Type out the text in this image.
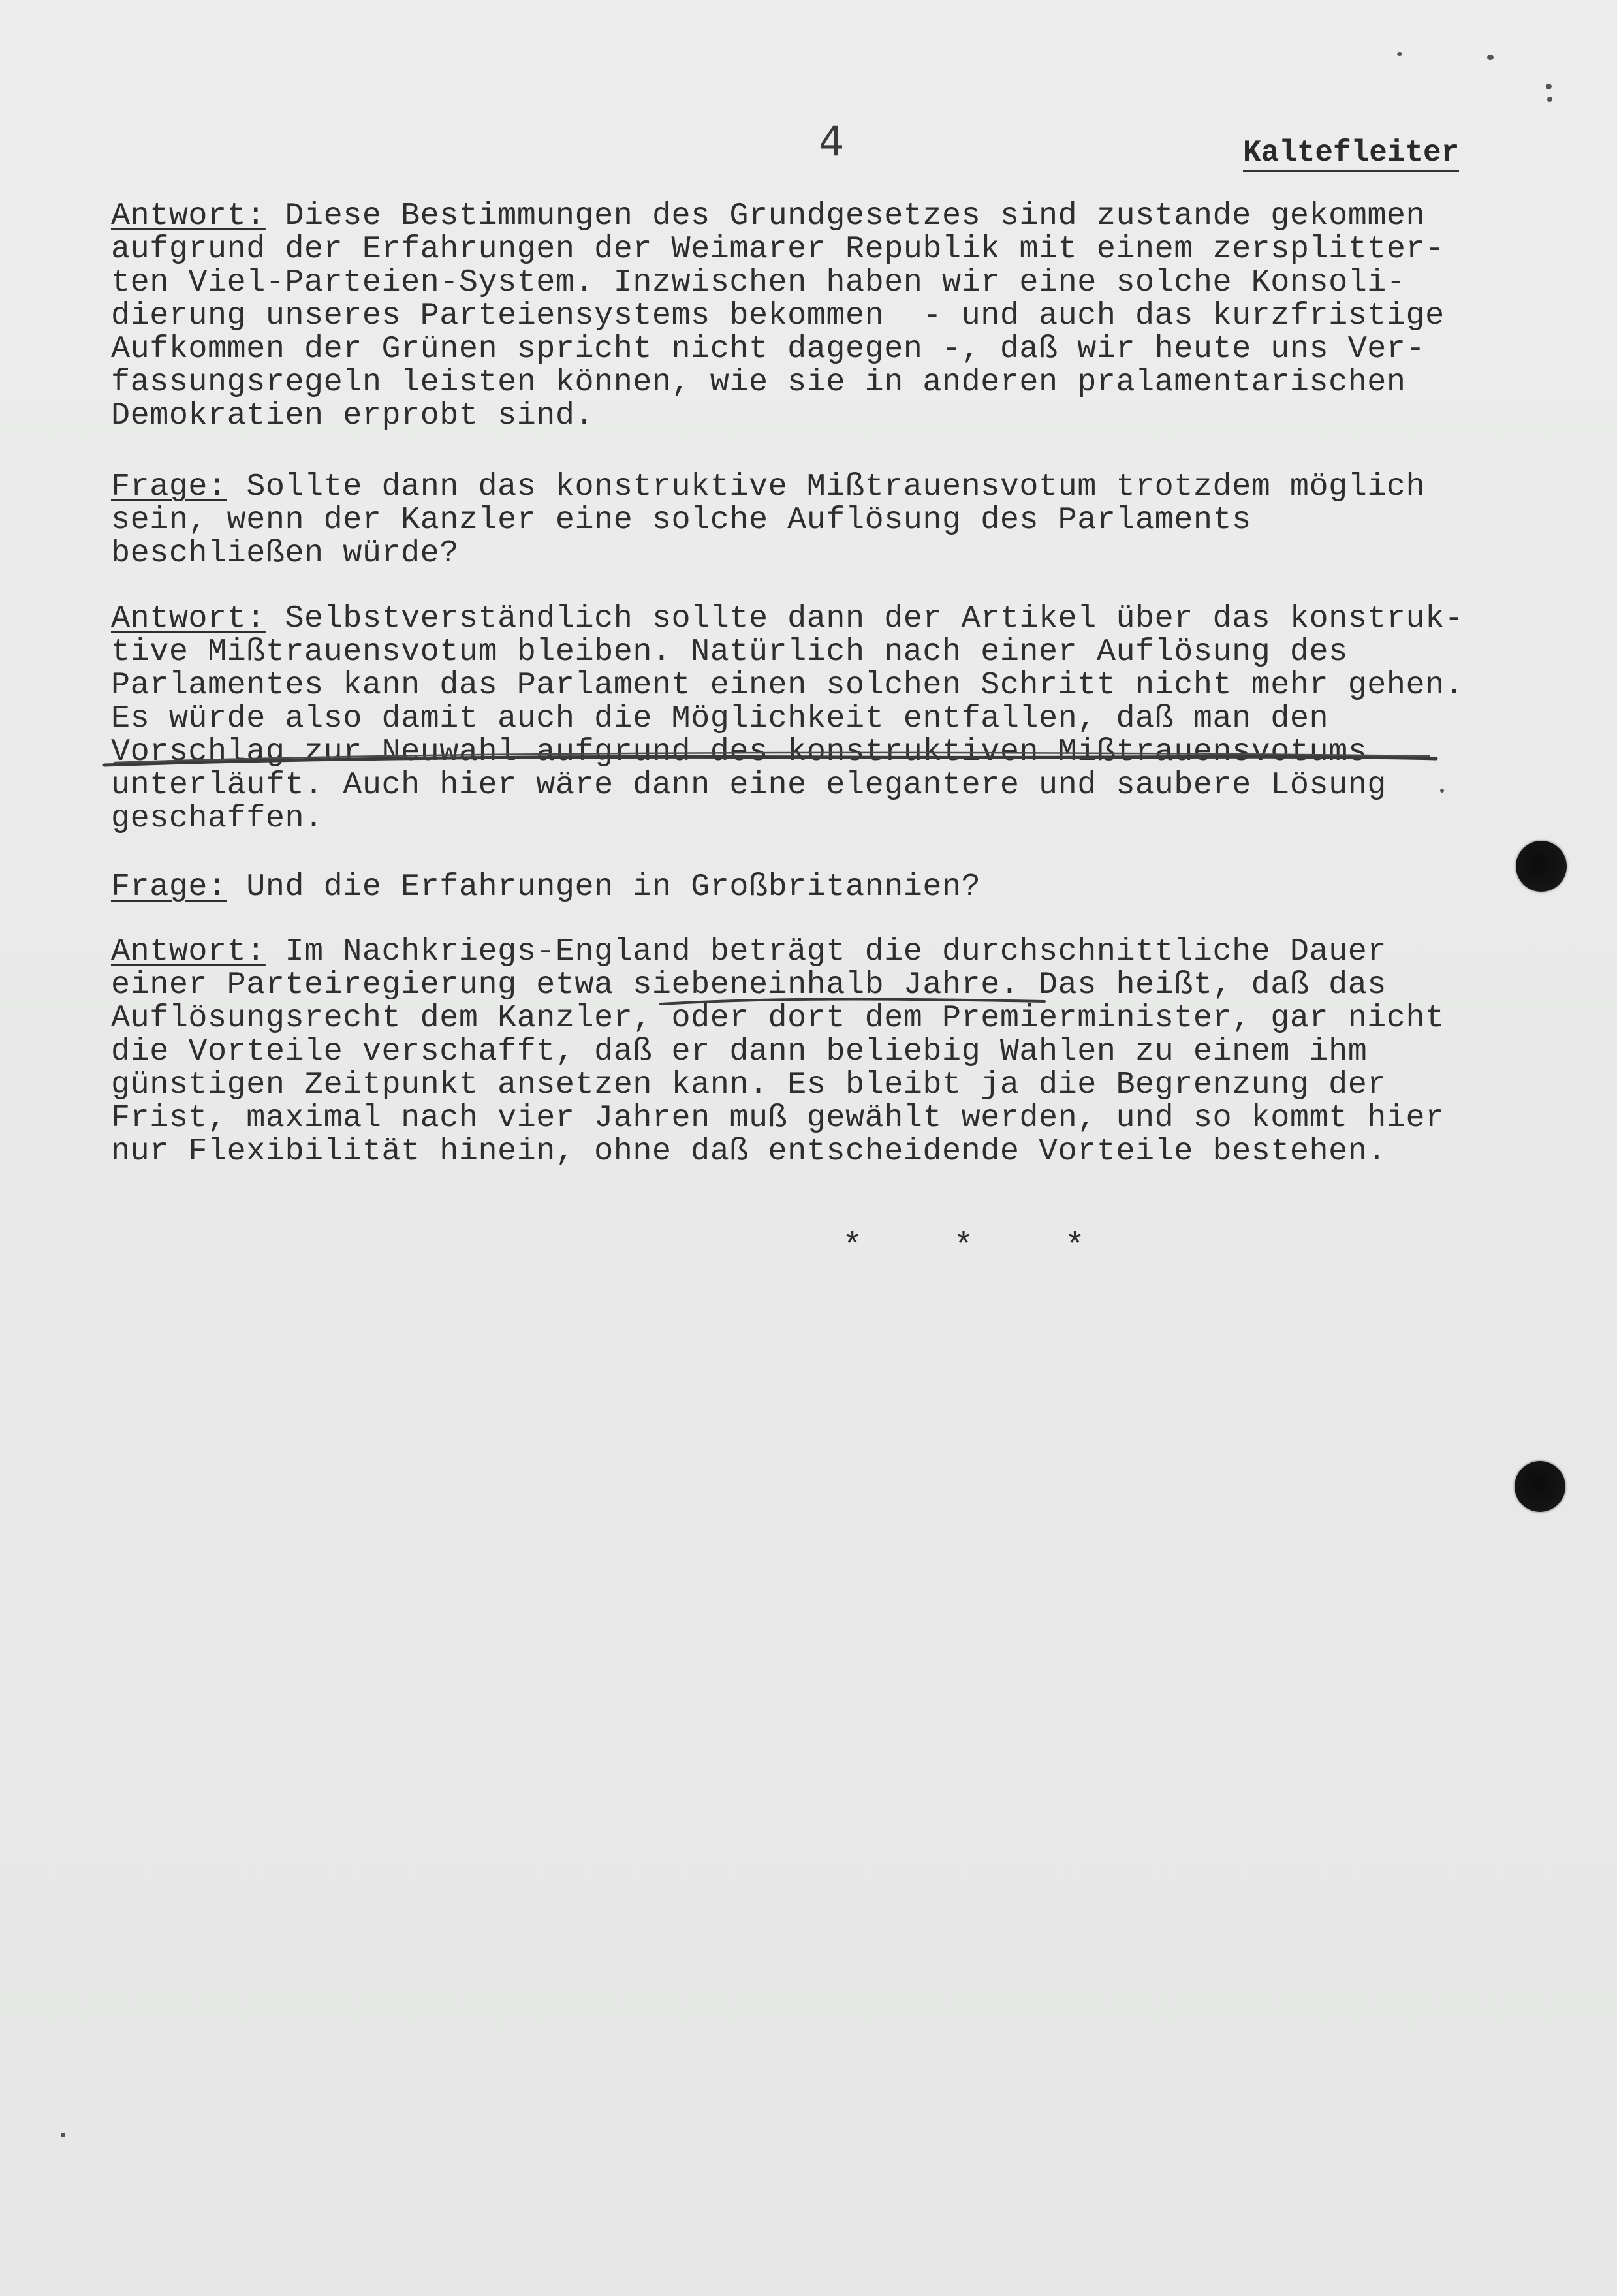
4	Kaltefleiter
Antwort: Diese Bestimmungen des Grundgesetzes sind zustande gekommen
aufgrund der Erfahrungen der Weimarer Republik mit einem zersplitter-
ten Viel-Parteien-System. Inzwischen haben wir eine solche Konsoli-
dierung unseres Parteiensystems bekommen  - und auch das kurzfristige
Aufkommen der Grünen spricht nicht dagegen -, daß wir heute uns Ver-
fassungsregeln leisten können, wie sie in anderen pralamentarischen
Demokratien erprobt sind.
Frage: Sollte dann das konstruktive Mißtrauensvotum trotzdem möglich
sein, wenn der Kanzler eine solche Auflösung des Parlaments
beschließen würde?
Antwort: Selbstverständlich sollte dann der Artikel über das konstruk-
tive Mißtrauensvotum bleiben. Natürlich nach einer Auflösung des
Parlamentes kann das Parlament einen solchen Schritt nicht mehr gehen.
Es würde also damit auch die Möglichkeit entfallen, daß man den
Vorschlag zur Neuwahl aufgrund des konstruktiven Mißtrauensvotums
unterläuft. Auch hier wäre dann eine elegantere und saubere Lösung
geschaffen.
Frage: Und die Erfahrungen in Großbritannien?
Antwort: Im Nachkriegs-England beträgt die durchschnittliche Dauer
einer Parteiregierung etwa siebeneinhalb Jahre. Das heißt, daß das
Auflösungsrecht dem Kanzler, oder dort dem Premierminister, gar nicht
die Vorteile verschafft, daß er dann beliebig Wahlen zu einem ihm
günstigen Zeitpunkt ansetzen kann. Es bleibt ja die Begrenzung der
Frist, maximal nach vier Jahren muß gewählt werden, und so kommt hier
nur Flexibilität hinein, ohne daß entscheidende Vorteile bestehen.
* * *
